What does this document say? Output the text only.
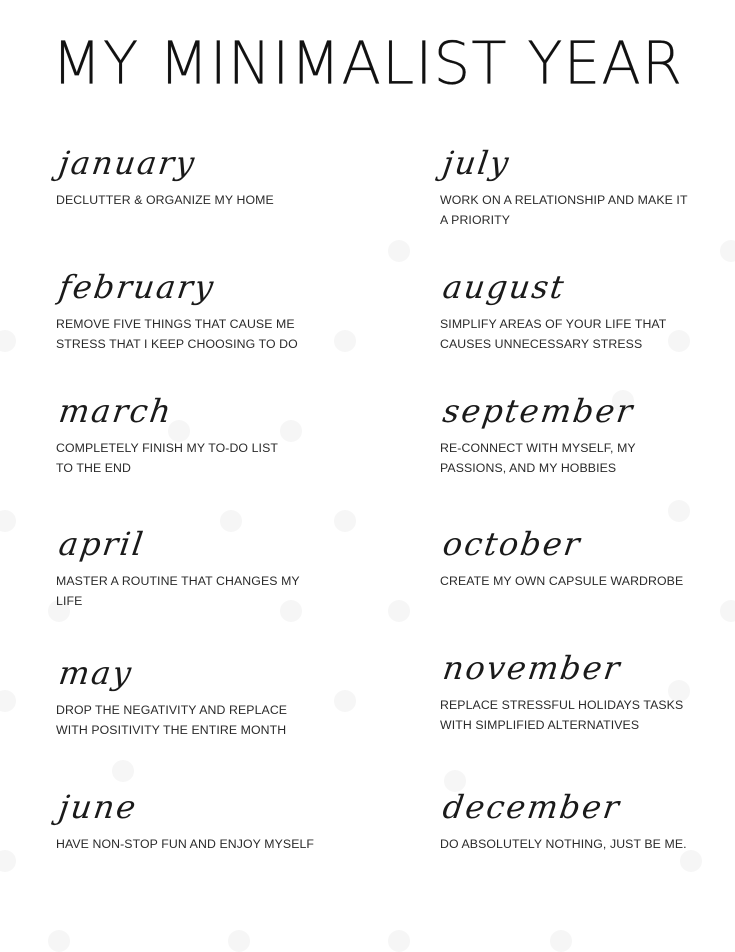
MY MINIMALIST YEAR
january
DECLUTTER & ORGANIZE MY HOME
february
REMOVE FIVE THINGS THAT CAUSE ME STRESS THAT I KEEP CHOOSING TO DO
march
COMPLETELY FINISH MY TO-DO LIST TO THE END
april
MASTER A ROUTINE THAT CHANGES MY LIFE
may
DROP THE NEGATIVITY AND REPLACE WITH POSITIVITY THE ENTIRE MONTH
june
HAVE NON-STOP FUN AND ENJOY MYSELF
july
WORK ON A RELATIONSHIP AND MAKE IT A PRIORITY
august
SIMPLIFY AREAS OF YOUR LIFE THAT CAUSES UNNECESSARY STRESS
september
RE-CONNECT WITH MYSELF, MY PASSIONS, AND MY HOBBIES
october
CREATE MY OWN CAPSULE WARDROBE
november
REPLACE STRESSFUL HOLIDAYS TASKS WITH SIMPLIFIED ALTERNATIVES
december
DO ABSOLUTELY NOTHING, JUST BE ME.
